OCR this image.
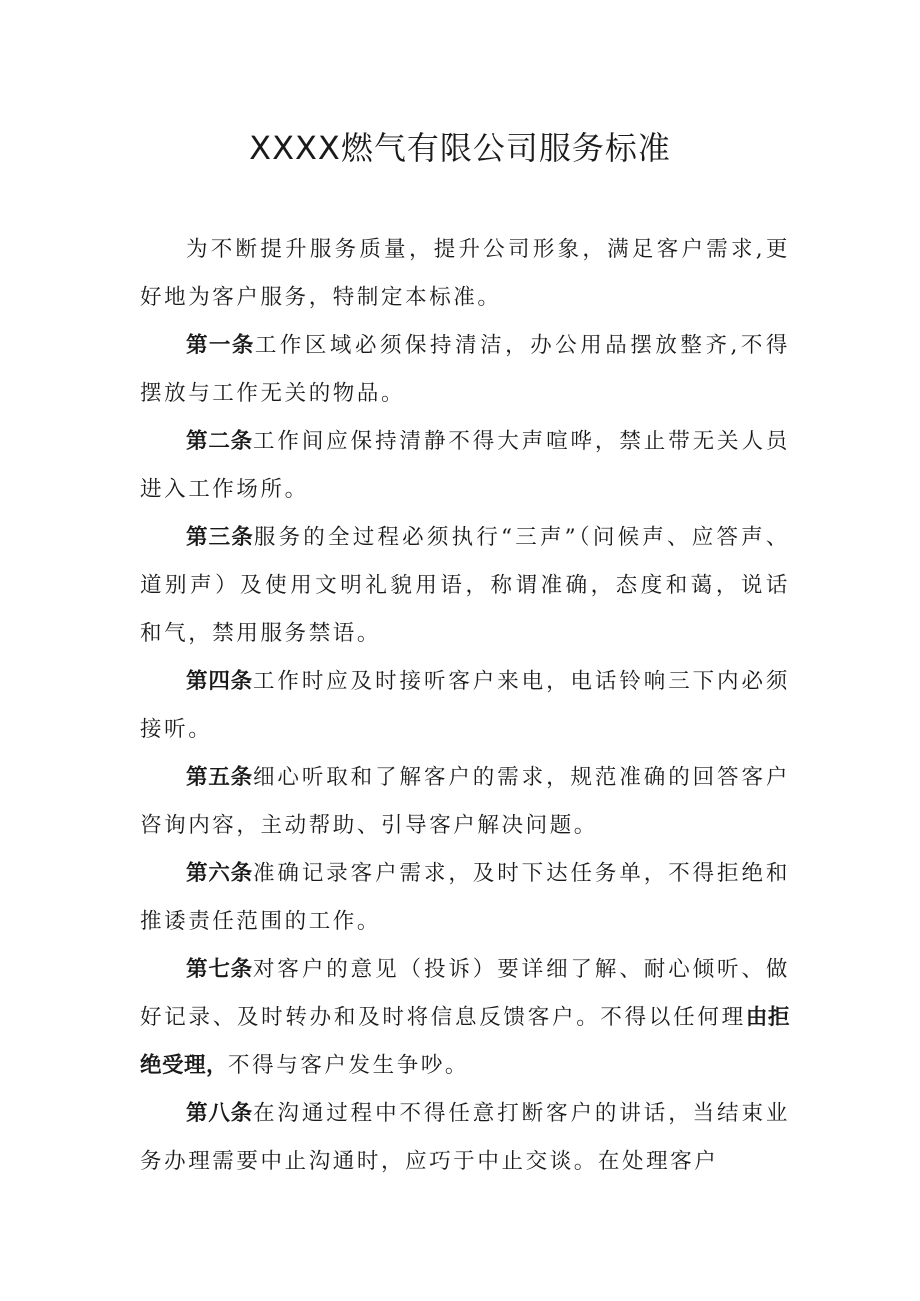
XXXX燃气有限公司服务标准

为不断提升服务质量，提升公司形象，满足客户需求,更好地为客户服务，特制定本标准。

第一条工作区域必须保持清洁，办公用品摆放整齐,不得摆放与工作无关的物品。

第二条工作间应保持清静不得大声喧哗，禁止带无关人员进入工作场所。

第三条服务的全过程必须执行“三声”（问候声、应答声、道别声）及使用文明礼貌用语，称谓准确，态度和蔼，说话和气，禁用服务禁语。

第四条工作时应及时接听客户来电，电话铃响三下内必须接听。

第五条细心听取和了解客户的需求，规范准确的回答客户咨询内容，主动帮助、引导客户解决问题。

第六条准确记录客户需求，及时下达任务单，不得拒绝和推诿责任范围的工作。

第七条对客户的意见（投诉）要详细了解、耐心倾听、做好记录、及时转办和及时将信息反馈客户。不得以任何理由拒绝受理，不得与客户发生争吵。

第八条在沟通过程中不得任意打断客户的讲话，当结束业务办理需要中止沟通时，应巧于中止交谈。在处理客户
